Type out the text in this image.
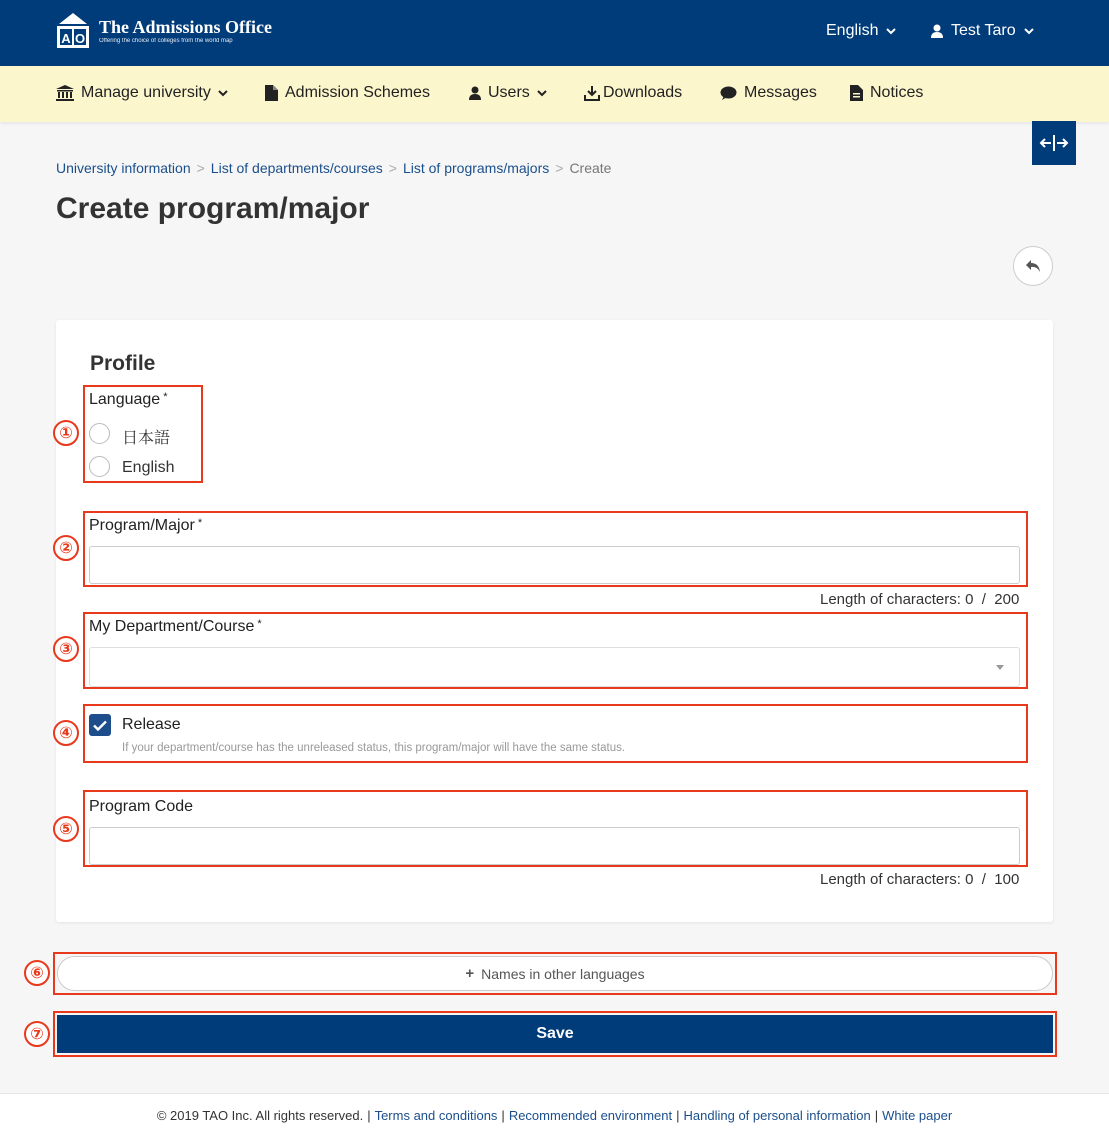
A O
The Admissions Office
Offering the choice of colleges from the world map
English	Test Taro
Manage university	Admission Schemes	Users	Downloads	Messages	Notices
University information > List of departments/courses > List of programs/majors > Create
Create program/major
Profile
Language *
日本語
English
Program/Major *
Length of characters: 0 / 200
My Department/Course *
Release
If your department/course has the unreleased status, this program/major will have the same status.
Program Code
Length of characters: 0 / 100
+ Names in other languages
Save
①
②
③
④
⑤
⑥
⑦
© 2019 TAO Inc. All rights reserved. | Terms and conditions | Recommended environment | Handling of personal information | White paper
